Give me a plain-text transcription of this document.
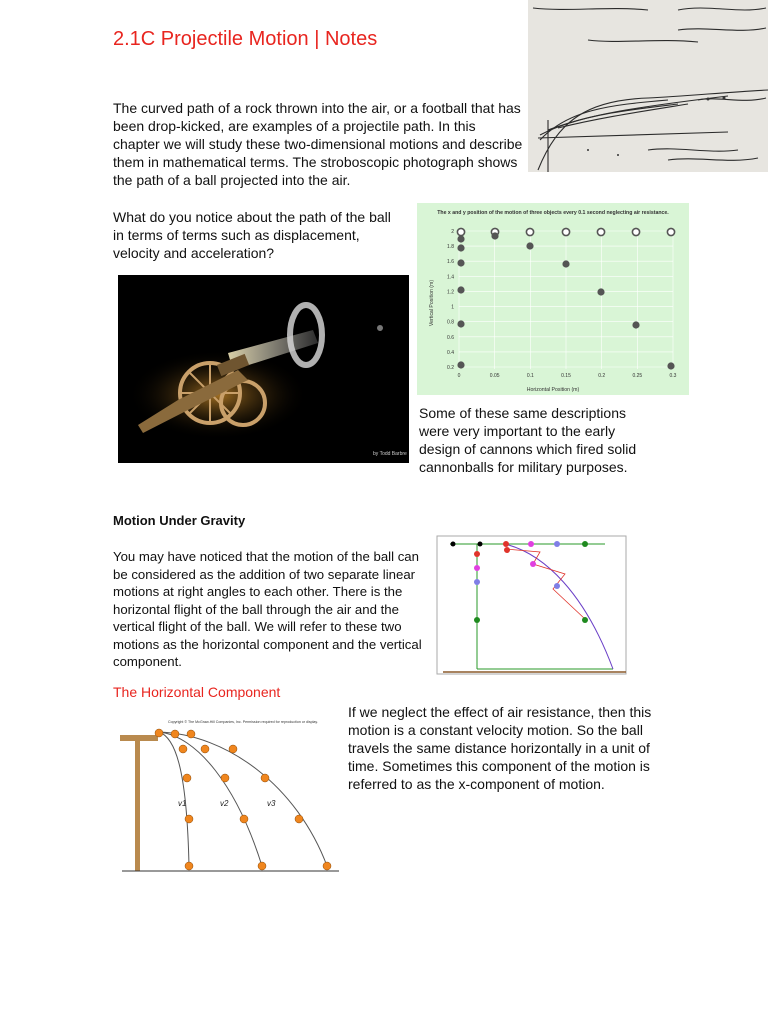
2.1C Projectile Motion | Notes
The curved path of a rock thrown into the air, or a football that has been drop-kicked, are examples of a projectile path. In this chapter we will study these two-dimensional motions and describe them in mathematical terms. The stroboscopic photograph shows the path of a ball projected into the air.
What do you notice about the path of the ball in terms of terms such as displacement, velocity and acceleration?
by Todd Barbre
The x and y position of the motion of three objects every 0.1 second neglecting air resistance.
0	0.05	0.1	0.15	0.2	0.25	0.3
0.2
0.4
0.6
0.8
1
1.2
1.4
1.6
1.8
2
Horizontal Position (m)
Vertical Position (m)
Some of these same descriptions were very important to the early design of cannons which fired solid cannonballs for military purposes.
Motion Under Gravity
You may have noticed that the motion of the ball can be considered as the addition of two separate linear motions at right angles to each other. There is the horizontal flight of the ball through the air and the vertical flight of the ball. We will refer to these two motions as the horizontal component and the vertical component.
The Horizontal Component
Copyright © The McGraw-Hill Companies, Inc. Permission required for reproduction or display.
v1	v2	v3
If we neglect the effect of air resistance, then this motion is a constant velocity motion. So the ball travels the same distance horizontally in a unit of time. Sometimes this component of the motion is referred to as the x-component of motion.
